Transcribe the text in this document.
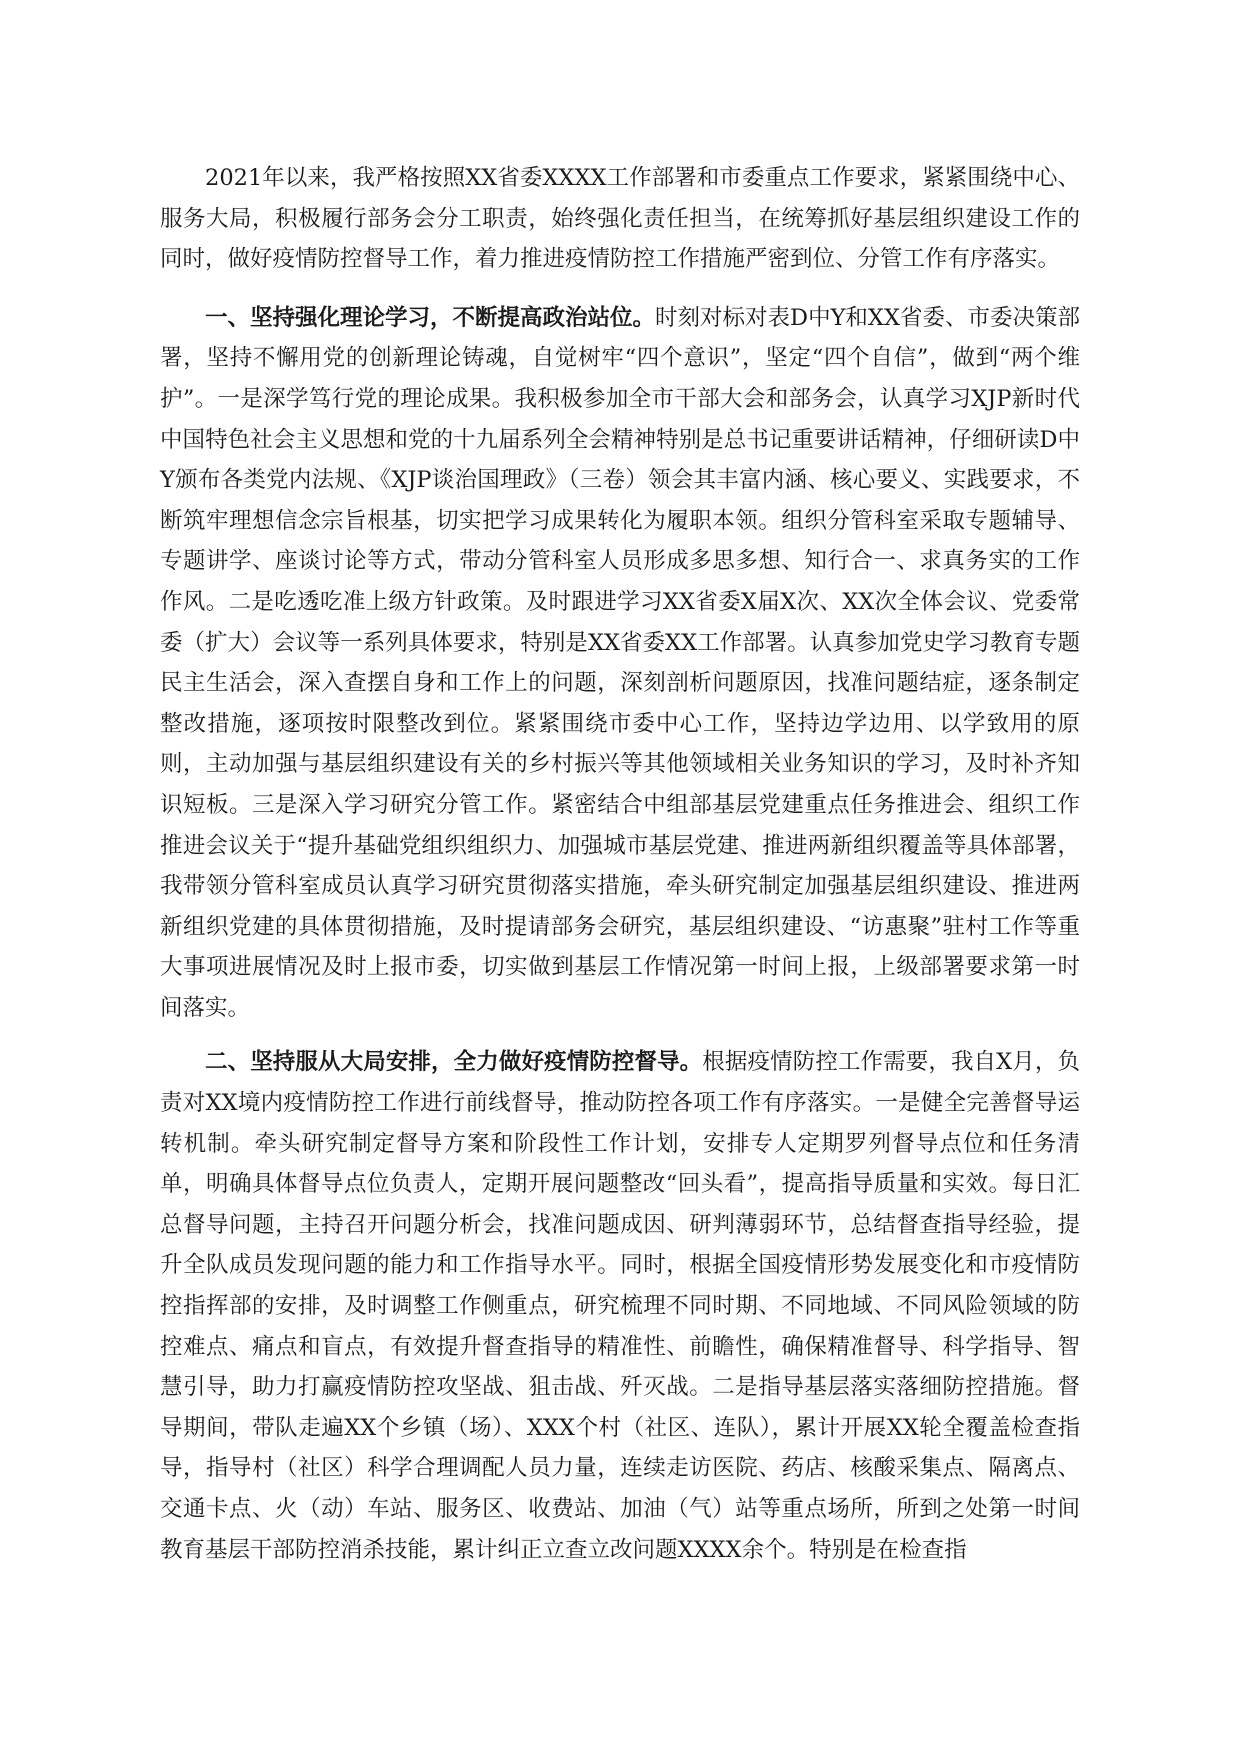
2021年以来，我严格按照XX省委XXXX工作部署和市委重点工作要求，紧紧围绕中心、服务大局，积极履行部务会分工职责，始终强化责任担当，在统筹抓好基层组织建设工作的同时，做好疫情防控督导工作，着力推进疫情防控工作措施严密到位、分管工作有序落实。

一、坚持强化理论学习，不断提高政治站位。时刻对标对表D中Y和XX省委、市委决策部署，坚持不懈用党的创新理论铸魂，自觉树牢“四个意识”，坚定“四个自信”，做到“两个维护”。一是深学笃行党的理论成果。我积极参加全市干部大会和部务会，认真学习XJP新时代中国特色社会主义思想和党的十九届系列全会精神特别是总书记重要讲话精神，仔细研读D中Y颁布各类党内法规、《XJP谈治国理政》（三卷）领会其丰富内涵、核心要义、实践要求，不断筑牢理想信念宗旨根基，切实把学习成果转化为履职本领。组织分管科室采取专题辅导、专题讲学、座谈讨论等方式，带动分管科室人员形成多思多想、知行合一、求真务实的工作作风。二是吃透吃准上级方针政策。及时跟进学习XX省委X届X次、XX次全体会议、党委常委（扩大）会议等一系列具体要求，特别是XX省委XX工作部署。认真参加党史学习教育专题民主生活会，深入查摆自身和工作上的问题，深刻剖析问题原因，找准问题结症，逐条制定整改措施，逐项按时限整改到位。紧紧围绕市委中心工作，坚持边学边用、以学致用的原则，主动加强与基层组织建设有关的乡村振兴等其他领域相关业务知识的学习，及时补齐知识短板。三是深入学习研究分管工作。紧密结合中组部基层党建重点任务推进会、组织工作推进会议关于“提升基础党组织组织力、加强城市基层党建、推进两新组织覆盖等具体部署，我带领分管科室成员认真学习研究贯彻落实措施，牵头研究制定加强基层组织建设、推进两新组织党建的具体贯彻措施，及时提请部务会研究，基层组织建设、“访惠聚”驻村工作等重大事项进展情况及时上报市委，切实做到基层工作情况第一时间上报，上级部署要求第一时间落实。

二、坚持服从大局安排，全力做好疫情防控督导。根据疫情防控工作需要，我自X月，负责对XX境内疫情防控工作进行前线督导，推动防控各项工作有序落实。一是健全完善督导运转机制。牵头研究制定督导方案和阶段性工作计划，安排专人定期罗列督导点位和任务清单，明确具体督导点位负责人，定期开展问题整改“回头看”，提高指导质量和实效。每日汇总督导问题，主持召开问题分析会，找准问题成因、研判薄弱环节，总结督查指导经验，提升全队成员发现问题的能力和工作指导水平。同时，根据全国疫情形势发展变化和市疫情防控指挥部的安排，及时调整工作侧重点，研究梳理不同时期、不同地域、不同风险领域的防控难点、痛点和盲点，有效提升督查指导的精准性、前瞻性，确保精准督导、科学指导、智慧引导，助力打赢疫情防控攻坚战、狙击战、歼灭战。二是指导基层落实落细防控措施。督导期间，带队走遍XX个乡镇（场）、XXX个村（社区、连队），累计开展XX轮全覆盖检查指导，指导村（社区）科学合理调配人员力量，连续走访医院、药店、核酸采集点、隔离点、交通卡点、火（动）车站、服务区、收费站、加油（气）站等重点场所，所到之处第一时间教育基层干部防控消杀技能，累计纠正立查立改问题XXXX余个。特别是在检查指
